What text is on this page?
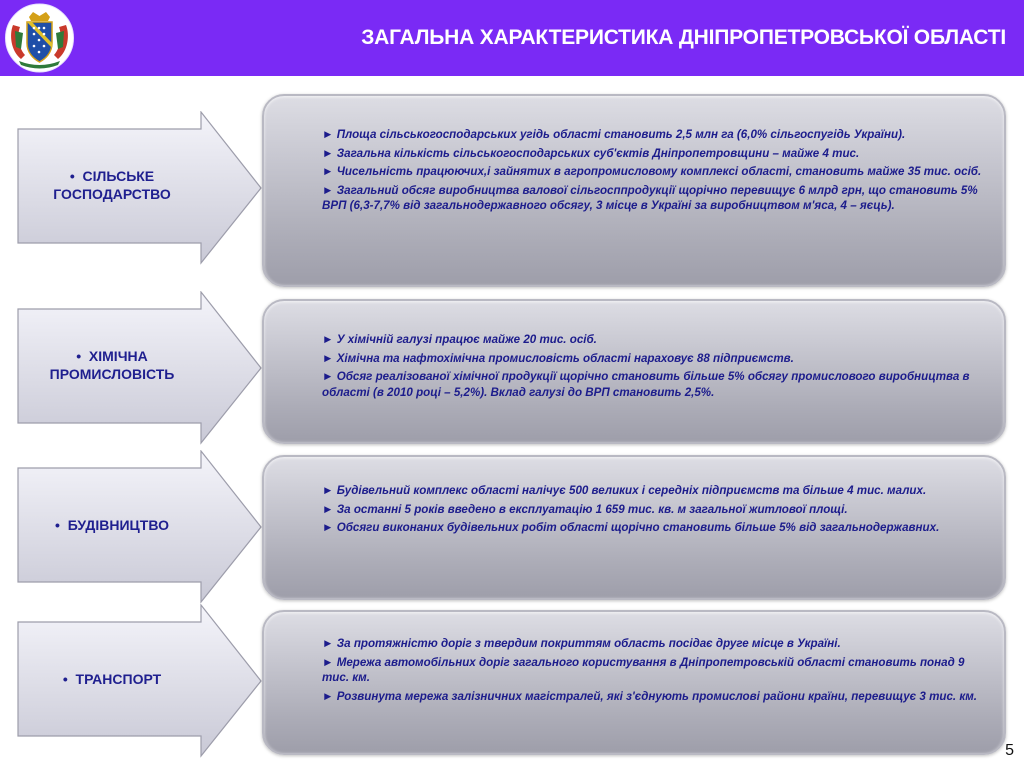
ЗАГАЛЬНА ХАРАКТЕРИСТИКА ДНІПРОПЕТРОВСЬКОЇ ОБЛАСТІ
•  СІЛЬСЬКЕ ГОСПОДАРСТВО
► Площа сільськогосподарських угідь області становить 2,5 млн га (6,0% сільгоспугідь України).
► Загальна кількість сільськогосподарських суб'єктів Дніпропетровщини – майже 4 тис.
► Чисельність працюючих,і зайнятих в агропромисловому комплексі області, становить майже 35 тис. осіб.
► Загальний обсяг виробництва валової сільгосппродукції щорічно перевищує 6 млрд грн, що становить 5% ВРП (6,3-7,7% від загальнодержавного обсягу, 3 місце в Україні за виробництвом м'яса, 4 – яєць).
•  ХІМІЧНА ПРОМИСЛОВІСТЬ
► У хімічній галузі працює майже 20 тис. осіб.
► Хімічна та нафтохімічна промисловість області нараховує 88 підприємств.
► Обсяг реалізованої хімічної продукції щорічно становить більше 5% обсягу промислового виробництва в області (в 2010 році – 5,2%). Вклад галузі до ВРП становить 2,5%.
•  БУДІВНИЦТВО
► Будівельний комплекс області налічує 500 великих і середніх підприємств та більше 4 тис. малих.
► За останні 5 років введено в експлуатацію 1 659 тис. кв. м загальної житлової площі.
► Обсяги виконаних будівельних робіт області щорічно становить більше 5% від загальнодержавних.
•  ТРАНСПОРТ
► За протяжністю доріг з твердим покриттям область посідає друге місце в Україні.
► Мережа автомобільних доріг загального користування в Дніпропетровській області становить понад 9 тис. км.
► Розвинута мережа залізничних магістралей, які з'єднують промислові райони країни, перевищує 3 тис. км.
5
